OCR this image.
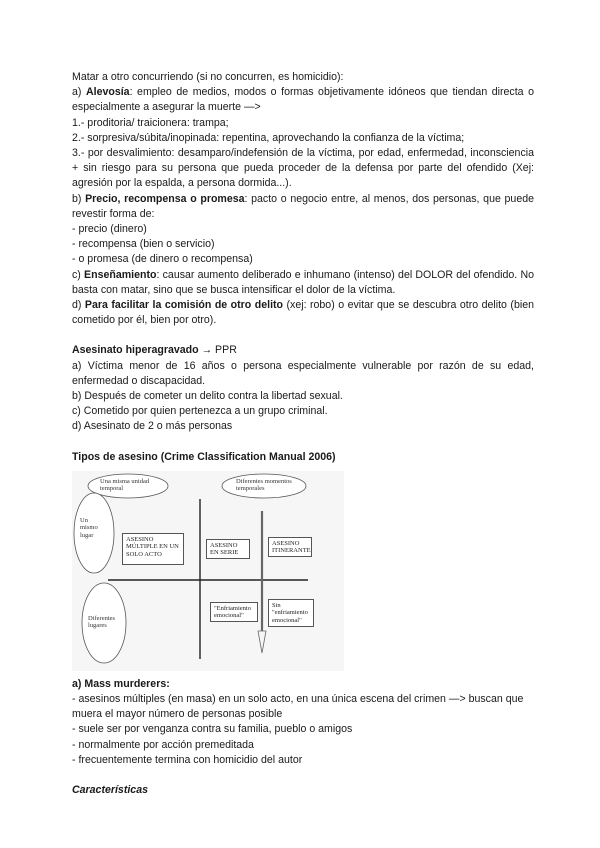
Matar a otro concurriendo (si no concurren, es homicidio):

a) Alevosía: empleo de medios, modos o formas objetivamente idóneos que tiendan directa o especialmente a asegurar la muerte —>

1.- proditoria/ traicionera: trampa;

2.- sorpresiva/súbita/inopinada: repentina, aprovechando la confianza de la víctima;

3.- por desvalimiento: desamparo/indefensión de la víctima, por edad, enfermedad, inconsciencia + sin riesgo para su persona que pueda proceder de la defensa por parte del ofendido (Xej: agresión por la espalda, a persona dormida...).

b) Precio, recompensa o promesa: pacto o negocio entre, al menos, dos personas, que puede revestir forma de:

- precio (dinero)

- recompensa (bien o servicio)

- o promesa (de dinero o recompensa)

c) Enseñamiento: causar aumento deliberado e inhumano (intenso) del DOLOR del ofendido. No basta con matar, sino que se busca intensificar el dolor de la víctima.

d) Para facilitar la comisión de otro delito (xej: robo) o evitar que se descubra otro delito (bien cometido por él, bien por otro).

Asesinato hiperagravado → PPR

a) Víctima menor de 16 años o persona especialmente vulnerable por razón de su edad, enfermedad o discapacidad.

b) Después de cometer un delito contra la libertad sexual.

c) Cometido por quien pertenezca a un grupo criminal.

d) Asesinato de 2 o más personas

Tipos de asesino (Crime Classification Manual 2006)

Una misma unidad temporal
Diferentes momentos temporales
Un mismo lugar
Diferentes lugares
ASESINO MÚLTIPLE EN UN SOLO ACTO
ASESINO EN SERIE
ASESINO ITINERANTE
"Enfriamiento emocional"
Sin "enfriamiento emocional"

a) Mass murderers:

- asesinos múltiples (en masa) en un solo acto, en una única escena del crimen —> buscan que muera el mayor número de personas posible

- suele ser por venganza contra su familia, pueblo o amigos

- normalmente por acción premeditada

- frecuentemente termina con homicidio del autor

Características
